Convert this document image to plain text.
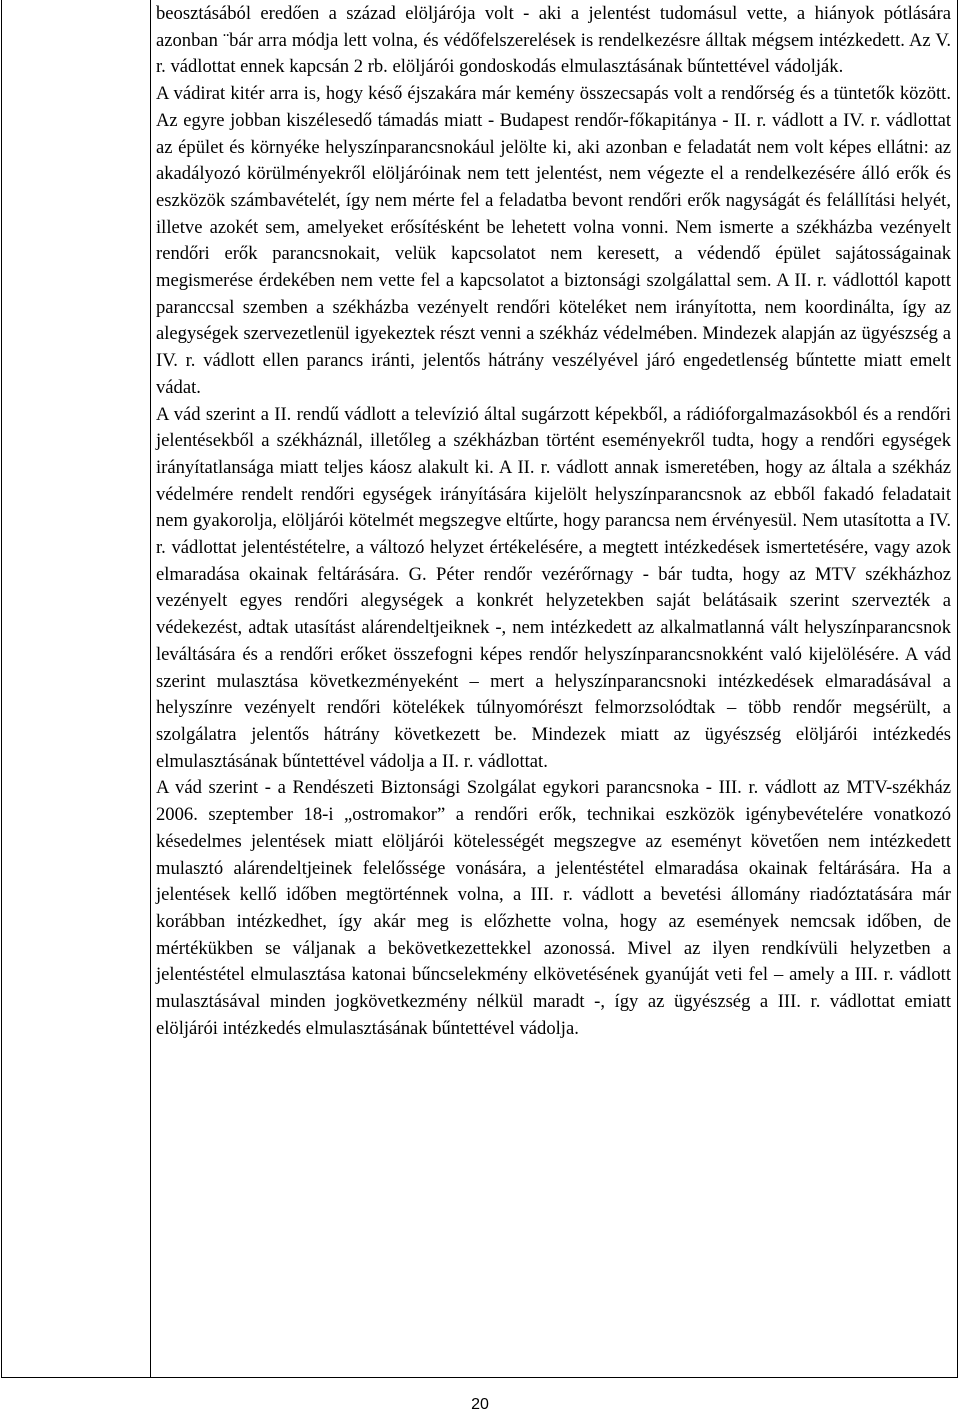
beosztásából eredően a század elöljárója volt - aki a jelentést tudomásul vette, a hiányok pótlására azonban ¨bár arra módja lett volna, és védőfelszerelések is rendelkezésre álltak mégsem intézkedett. Az V. r. vádlottat ennek kapcsán 2 rb. elöljárói gondoskodás elmulasztásának bűntettével vádolják.

A vádirat kitér arra is, hogy késő éjszakára már kemény összecsapás volt a rendőrség és a tüntetők között. Az egyre jobban kiszélesedő támadás miatt - Budapest rendőr-főkapitánya - II. r. vádlott a IV. r. vádlottat az épület és környéke helyszínparancsnokául jelölte ki, aki azonban e feladatát nem volt képes ellátni: az akadályozó körülményekről elöljáróinak nem tett jelentést, nem végezte el a rendelkezésére álló erők és eszközök számbavételét, így nem mérte fel a feladatba bevont rendőri erők nagyságát és felállítási helyét, illetve azokét sem, amelyeket erősítésként be lehetett volna vonni. Nem ismerte a székházba vezényelt rendőri erők parancsnokait, velük kapcsolatot nem keresett, a védendő épület sajátosságainak megismerése érdekében nem vette fel a kapcsolatot a biztonsági szolgálattal sem. A II. r. vádlottól kapott paranccsal szemben a székházba vezényelt rendőri köteléket nem irányította, nem koordinálta, így az alegységek szervezetlenül igyekeztek részt venni a székház védelmében. Mindezek alapján az ügyészség a IV. r. vádlott ellen parancs iránti, jelentős hátrány veszélyével járó engedetlenség bűntette miatt emelt vádat.

A vád szerint a II. rendű vádlott a televízió által sugárzott képekből, a rádióforgalmazásokból és a rendőri jelentésekből a székháznál, illetőleg a székházban történt eseményekről tudta, hogy a rendőri egységek irányítatlansága miatt teljes káosz alakult ki. A II. r. vádlott annak ismeretében, hogy az általa a székház védelmére rendelt rendőri egységek irányítására kijelölt helyszínparancsnok az ebből fakadó feladatait nem gyakorolja, elöljárói kötelmét megszegve eltűrte, hogy parancsa nem érvényesül. Nem utasította a IV. r. vádlottat jelentéstételre, a változó helyzet értékelésére, a megtett intézkedések ismertetésére, vagy azok elmaradása okainak feltárására. G. Péter rendőr vezérőrnagy - bár tudta, hogy az MTV székházhoz vezényelt egyes rendőri alegységek a konkrét helyzetekben saját belátásaik szerint szervezték a védekezést, adtak utasítást alárendeltjeiknek -, nem intézkedett az alkalmatlanná vált helyszínparancsnok leváltására és a rendőri erőket összefogni képes rendőr helyszínparancsnokként való kijelölésére. A vád szerint mulasztása következményeként – mert a helyszínparancsnoki intézkedések elmaradásával a helyszínre vezényelt rendőri kötelékek túlnyomórészt felmorzsolódtak – több rendőr megsérült, a szolgálatra jelentős hátrány következett be. Mindezek miatt az ügyészség elöljárói intézkedés elmulasztásának bűntettével vádolja a II. r. vádlottat.

A vád szerint - a Rendészeti Biztonsági Szolgálat egykori parancsnoka - III. r. vádlott az MTV-székház 2006. szeptember 18-i „ostromakor” a rendőri erők, technikai eszközök igénybevételére vonatkozó késedelmes jelentések miatt elöljárói kötelességét megszegve az eseményt követően nem intézkedett mulasztó alárendeltjeinek felelőssége vonására, a jelentéstétel elmaradása okainak feltárására. Ha a jelentések kellő időben megtörténnek volna, a III. r. vádlott a bevetési állomány riadóztatására már korábban intézkedhet, így akár meg is előzhette volna, hogy az események nemcsak időben, de mértékükben se váljanak a bekövetkezettekkel azonossá. Mivel az ilyen rendkívüli helyzetben a jelentéstétel elmulasztása katonai bűncselekmény elkövetésének gyanúját veti fel – amely a III. r. vádlott mulasztásával minden jogkövetkezmény nélkül maradt -, így az ügyészség a III. r. vádlottat emiatt elöljárói intézkedés elmulasztásának bűntettével vádolja.

20
